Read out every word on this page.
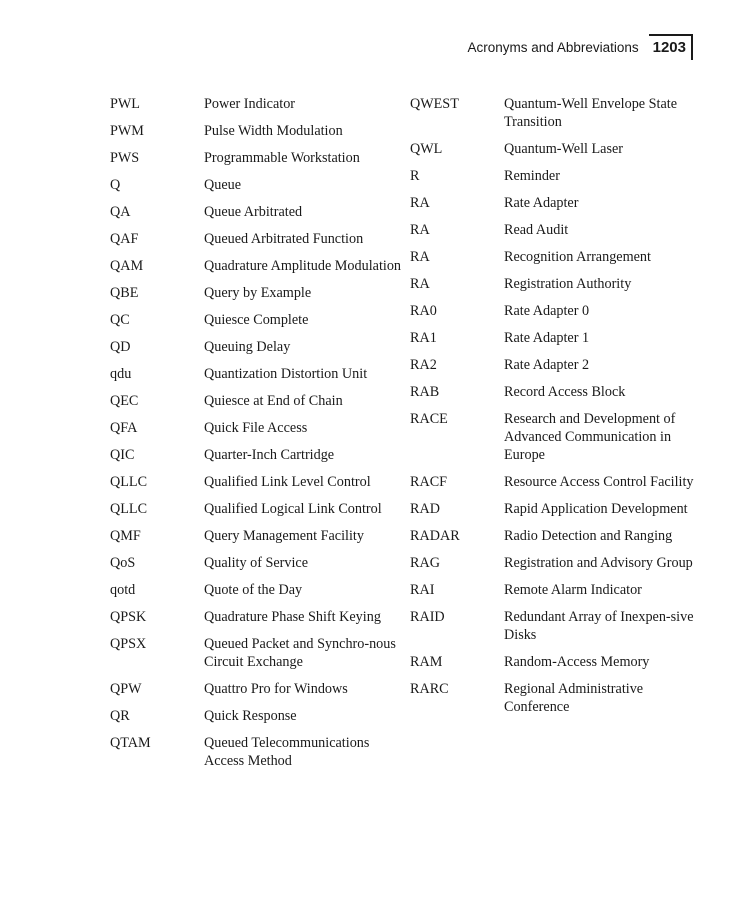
Acronyms and Abbreviations 1203
PWL	Power Indicator
PWM	Pulse Width Modulation
PWS	Programmable Workstation
Q	Queue
QA	Queue Arbitrated
QAF	Queued Arbitrated Function
QAM	Quadrature Amplitude Modulation
QBE	Query by Example
QC	Quiesce Complete
QD	Queuing Delay
qdu	Quantization Distortion Unit
QEC	Quiesce at End of Chain
QFA	Quick File Access
QIC	Quarter-Inch Cartridge
QLLC	Qualified Link Level Control
QLLC	Qualified Logical Link Control
QMF	Query Management Facility
QoS	Quality of Service
qotd	Quote of the Day
QPSK	Quadrature Phase Shift Keying
QPSX	Queued Packet and Synchro-nous Circuit Exchange
QPW	Quattro Pro for Windows
QR	Quick Response
QTAM	Queued Telecommunications Access Method
QWEST	Quantum-Well Envelope State Transition
QWL	Quantum-Well Laser
R	Reminder
RA	Rate Adapter
RA	Read Audit
RA	Recognition Arrangement
RA	Registration Authority
RA0	Rate Adapter 0
RA1	Rate Adapter 1
RA2	Rate Adapter 2
RAB	Record Access Block
RACE	Research and Development of Advanced Communication in Europe
RACF	Resource Access Control Facility
RAD	Rapid Application Development
RADAR	Radio Detection and Ranging
RAG	Registration and Advisory Group
RAI	Remote Alarm Indicator
RAID	Redundant Array of Inexpen-sive Disks
RAM	Random-Access Memory
RARC	Regional Administrative Conference
